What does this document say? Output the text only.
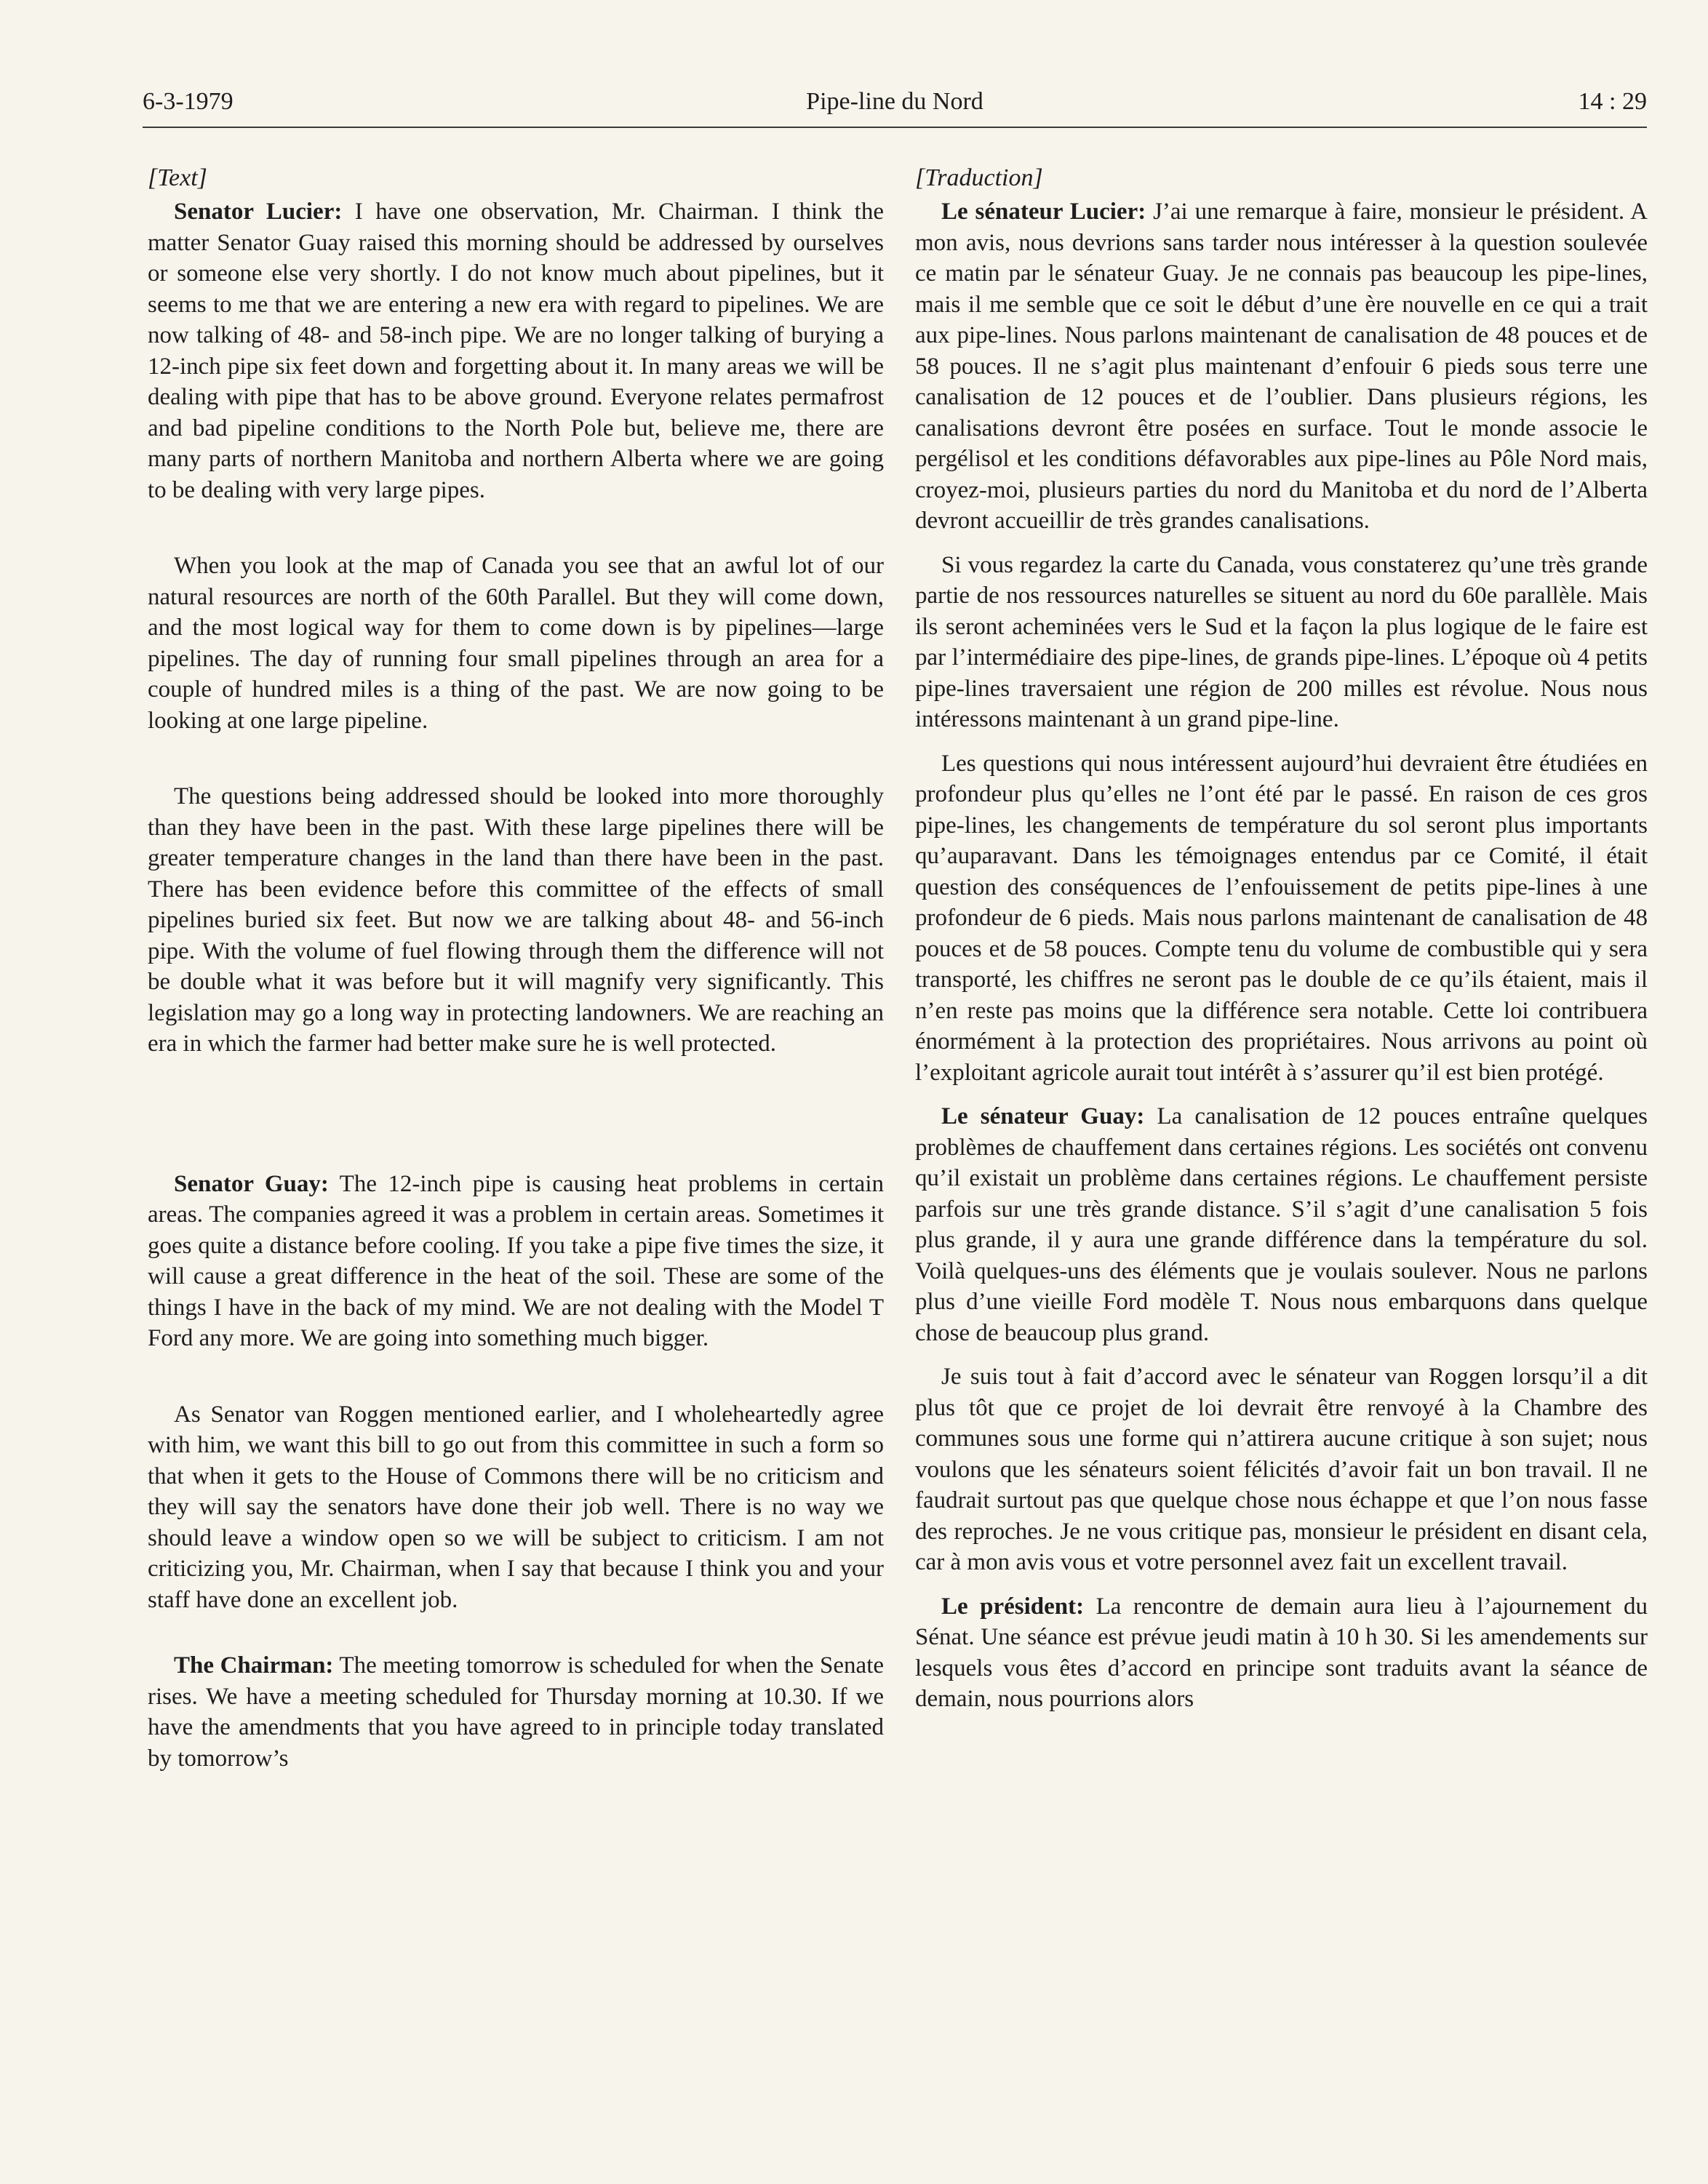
6-3-1979	Pipe-line du Nord	14 : 29
[Text]

Senator Lucier: I have one observation, Mr. Chairman. I think the matter Senator Guay raised this morning should be addressed by ourselves or someone else very shortly. I do not know much about pipelines, but it seems to me that we are entering a new era with regard to pipelines. We are now talking of 48- and 58-inch pipe. We are no longer talking of burying a 12-inch pipe six feet down and forgetting about it. In many areas we will be dealing with pipe that has to be above ground. Everyone relates permafrost and bad pipeline conditions to the North Pole but, believe me, there are many parts of northern Manitoba and northern Alberta where we are going to be dealing with very large pipes.

When you look at the map of Canada you see that an awful lot of our natural resources are north of the 60th Parallel. But they will come down, and the most logical way for them to come down is by pipelines—large pipelines. The day of running four small pipelines through an area for a couple of hundred miles is a thing of the past. We are now going to be looking at one large pipeline.

The questions being addressed should be looked into more thoroughly than they have been in the past. With these large pipelines there will be greater temperature changes in the land than there have been in the past. There has been evidence before this committee of the effects of small pipelines buried six feet. But now we are talking about 48- and 56-inch pipe. With the volume of fuel flowing through them the difference will not be double what it was before but it will magnify very significantly. This legislation may go a long way in protecting landowners. We are reaching an era in which the farmer had better make sure he is well protected.

Senator Guay: The 12-inch pipe is causing heat problems in certain areas. The companies agreed it was a problem in certain areas. Sometimes it goes quite a distance before cooling. If you take a pipe five times the size, it will cause a great difference in the heat of the soil. These are some of the things I have in the back of my mind. We are not dealing with the Model T Ford any more. We are going into something much bigger.

As Senator van Roggen mentioned earlier, and I wholeheartedly agree with him, we want this bill to go out from this committee in such a form so that when it gets to the House of Commons there will be no criticism and they will say the senators have done their job well. There is no way we should leave a window open so we will be subject to criticism. I am not criticizing you, Mr. Chairman, when I say that because I think you and your staff have done an excellent job.

The Chairman: The meeting tomorrow is scheduled for when the Senate rises. We have a meeting scheduled for Thursday morning at 10.30. If we have the amendments that you have agreed to in principle today translated by tomorrow’s

[Traduction]

Le sénateur Lucier: J’ai une remarque à faire, monsieur le président. A mon avis, nous devrions sans tarder nous intéresser à la question soulevée ce matin par le sénateur Guay. Je ne connais pas beaucoup les pipe-lines, mais il me semble que ce soit le début d’une ère nouvelle en ce qui a trait aux pipe-lines. Nous parlons maintenant de canalisation de 48 pouces et de 58 pouces. Il ne s’agit plus maintenant d’enfouir 6 pieds sous terre une canalisation de 12 pouces et de l’oublier. Dans plusieurs régions, les canalisations devront être posées en surface. Tout le monde associe le pergélisol et les conditions défavorables aux pipe-lines au Pôle Nord mais, croyez-moi, plusieurs parties du nord du Manitoba et du nord de l’Alberta devront accueillir de très grandes canalisations.

Si vous regardez la carte du Canada, vous constaterez qu’une très grande partie de nos ressources naturelles se situent au nord du 60e parallèle. Mais ils seront acheminées vers le Sud et la façon la plus logique de le faire est par l’intermédiaire des pipe-lines, de grands pipe-lines. L’époque où 4 petits pipe-lines traversaient une région de 200 milles est révolue. Nous nous intéressons maintenant à un grand pipe-line.

Les questions qui nous intéressent aujourd’hui devraient être étudiées en profondeur plus qu’elles ne l’ont été par le passé. En raison de ces gros pipe-lines, les changements de température du sol seront plus importants qu’auparavant. Dans les témoignages entendus par ce Comité, il était question des conséquences de l’enfouissement de petits pipe-lines à une profondeur de 6 pieds. Mais nous parlons maintenant de canalisation de 48 pouces et de 58 pouces. Compte tenu du volume de combustible qui y sera transporté, les chiffres ne seront pas le double de ce qu’ils étaient, mais il n’en reste pas moins que la différence sera notable. Cette loi contribuera énormément à la protection des propriétaires. Nous arrivons au point où l’exploitant agricole aurait tout intérêt à s’assurer qu’il est bien protégé.

Le sénateur Guay: La canalisation de 12 pouces entraîne quelques problèmes de chauffement dans certaines régions. Les sociétés ont convenu qu’il existait un problème dans certaines régions. Le chauffement persiste parfois sur une très grande distance. S’il s’agit d’une canalisation 5 fois plus grande, il y aura une grande différence dans la température du sol. Voilà quelques-uns des éléments que je voulais soulever. Nous ne parlons plus d’une vieille Ford modèle T. Nous nous embarquons dans quelque chose de beaucoup plus grand.

Je suis tout à fait d’accord avec le sénateur van Roggen lorsqu’il a dit plus tôt que ce projet de loi devrait être renvoyé à la Chambre des communes sous une forme qui n’attirera aucune critique à son sujet; nous voulons que les sénateurs soient félicités d’avoir fait un bon travail. Il ne faudrait surtout pas que quelque chose nous échappe et que l’on nous fasse des reproches. Je ne vous critique pas, monsieur le président en disant cela, car à mon avis vous et votre personnel avez fait un excellent travail.

Le président: La rencontre de demain aura lieu à l’ajournement du Sénat. Une séance est prévue jeudi matin à 10 h 30. Si les amendements sur lesquels vous êtes d’accord en principe sont traduits avant la séance de demain, nous pourrions alors
